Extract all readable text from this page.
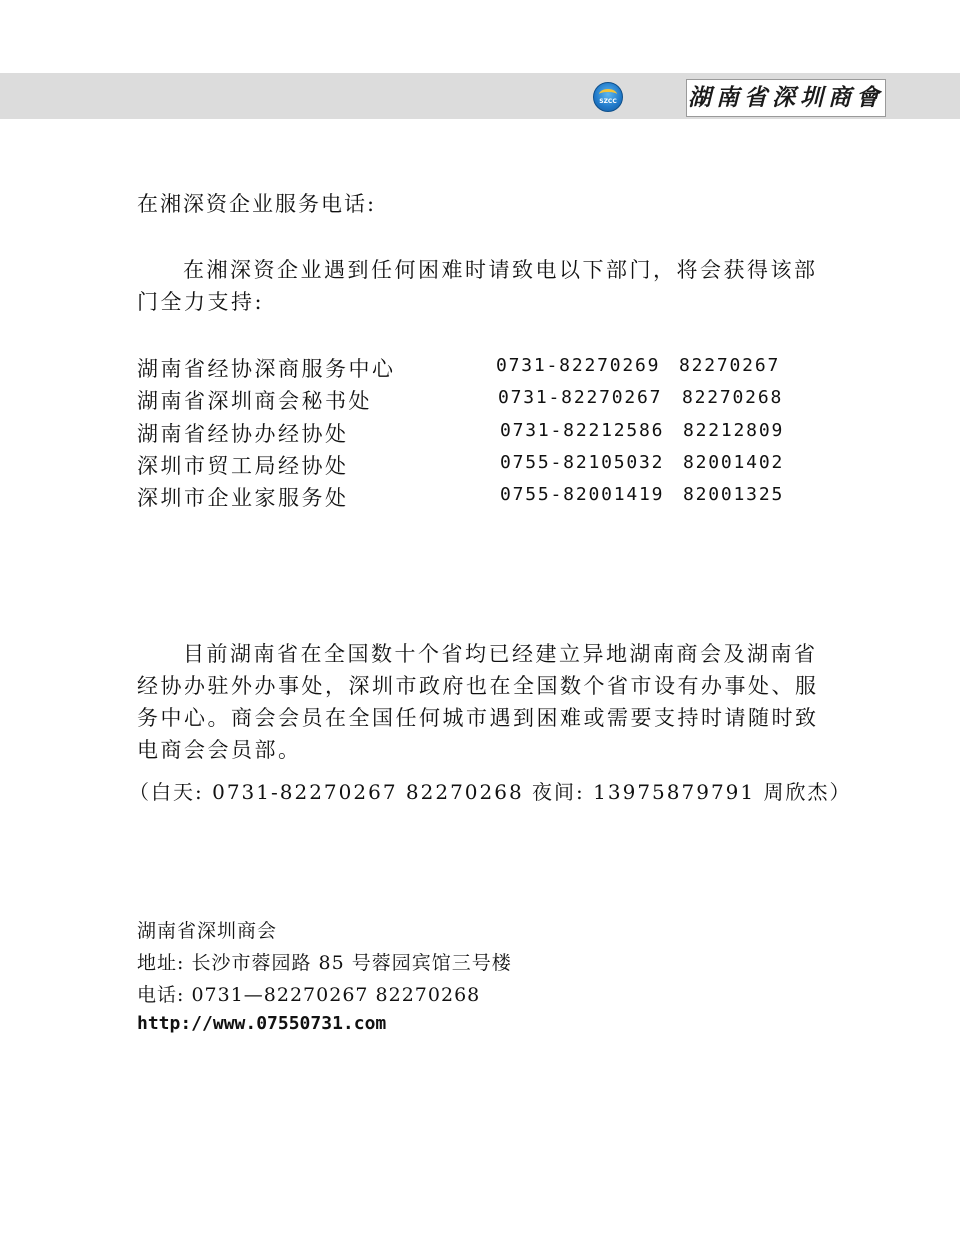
SZCC	湖南省深圳商會
在湘深资企业服务电话:
在湘深资企业遇到任何困难时请致电以下部门，将会获得该部
门全力支持:
湖南省经协深商服务中心	0731-82270269 82270267
湖南省深圳商会秘书处	0731-82270267 82270268
湖南省经协办经协处	0731-82212586 82212809
深圳市贸工局经协处	0755-82105032 82001402
深圳市企业家服务处	0755-82001419 82001325
目前湖南省在全国数十个省均已经建立异地湖南商会及湖南省
经协办驻外办事处，深圳市政府也在全国数个省市设有办事处、服
务中心。商会会员在全国任何城市遇到困难或需要支持时请随时致
电商会会员部。
（白天: 0731-82270267 82270268 夜间: 13975879791 周欣杰）
湖南省深圳商会
地址: 长沙市蓉园路 85 号蓉园宾馆三号楼
电话: 0731—82270267 82270268
http://www.07550731.com
